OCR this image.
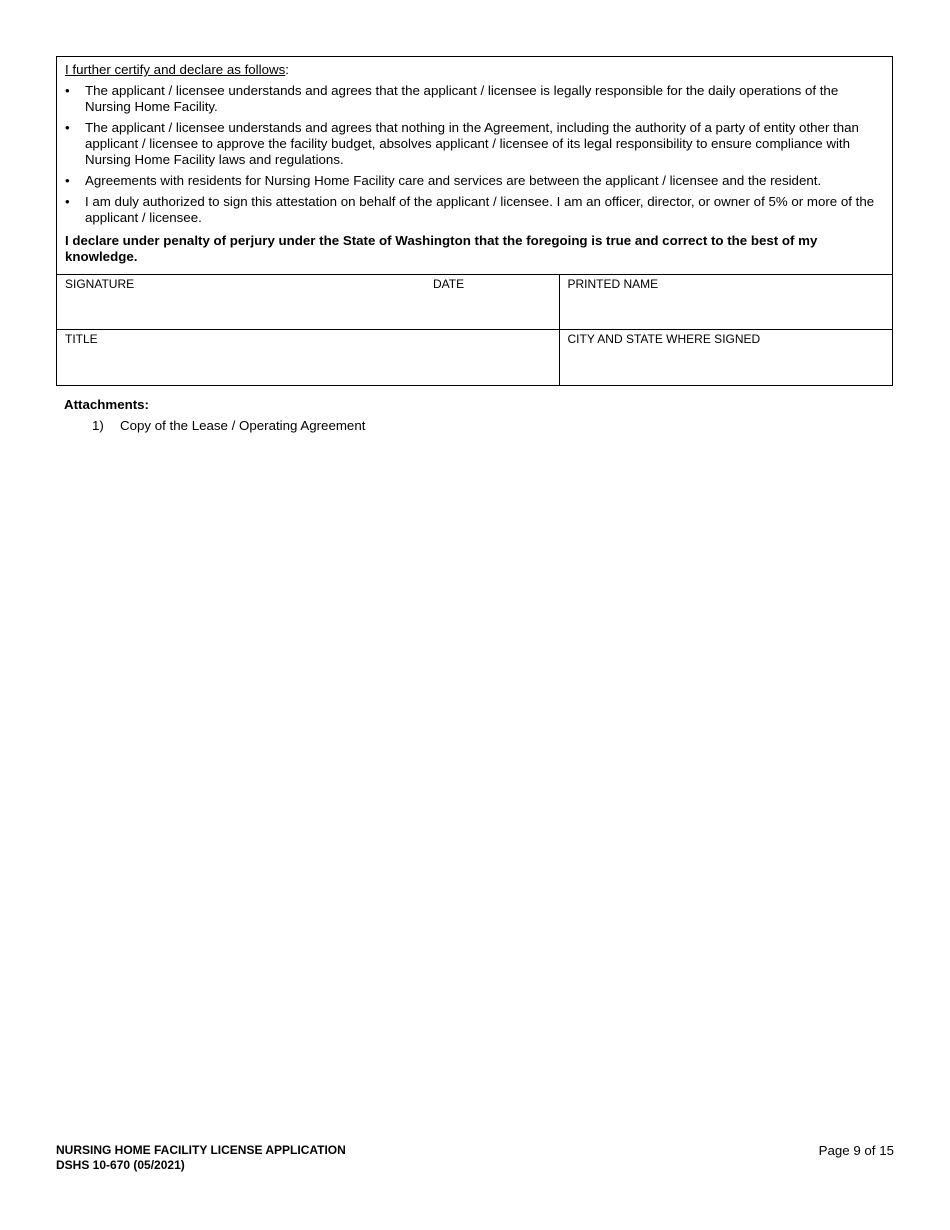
I further certify and declare as follows:
•	The applicant / licensee understands and agrees that the applicant / licensee is legally responsible for the daily operations of the Nursing Home Facility.
•	The applicant / licensee understands and agrees that nothing in the Agreement, including the authority of a party of entity other than applicant / licensee to approve the facility budget, absolves applicant / licensee of its legal responsibility to ensure compliance with Nursing Home Facility laws and regulations.
•	Agreements with residents for Nursing Home Facility care and services are between the applicant / licensee and the resident.
•	I am duly authorized to sign this attestation on behalf of the applicant / licensee. I am an officer, director, or owner of 5% or more of the applicant / licensee.
I declare under penalty of perjury under the State of Washington that the foregoing is true and correct to the best of my knowledge.
SIGNATURE DATE	PRINTED NAME
TITLE	CITY AND STATE WHERE SIGNED
Attachments:
1) Copy of the Lease / Operating Agreement
NURSING HOME FACILITY LICENSE APPLICATION
DSHS 10-670 (05/2021)
Page 9 of 15
